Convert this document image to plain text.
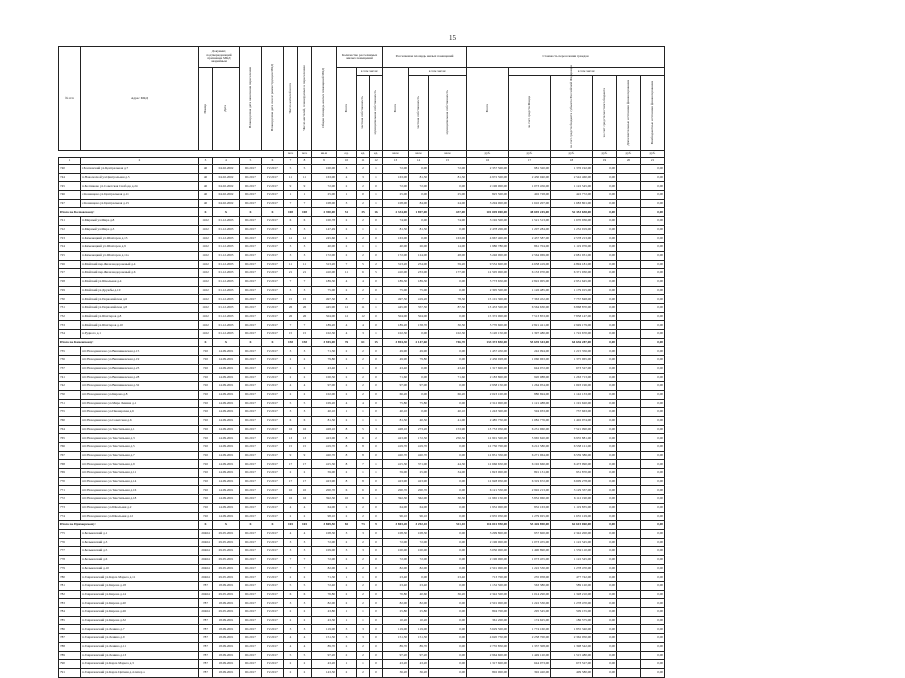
15
№ п/п	Адрес МКД	Документ, подтверждающий признание МКД аварийным		Планируемая дата окончания переселения	Планируемая дата сноса/ реконструкции МКД	Число жителей всего	Число жителей, планируемых к переселению	Общая площадь жилых помещений МКД	Количество расселяемых жилых помещений			Расселяемая площадь жилых помещений			Стоимость переселения граждан					
		Номер	Дата						Всего	в том числе:		Всего	в том числе:		Всего	в том числе:				
										частная собственность	муниципальная собственность		частная собственность	муниципальная собственность		за счет средств Фонда	за счет средств бюджета субъекта Российской Федерации	за счет средств местного бюджета	Дополнительные источники финансирования	Внебюджетные источники финансирования
						чел.	чел.	кв.м	ед.	ед.	ед.	кв.м	кв.м	кв.м	руб.	руб.	руб.	руб.	руб.	руб.
1	2	3	4	5	6	7	8	9	10	11	12	13	14	15	16	17	18	19	20	21
740	г.Болховский ул.Центральная д.7	40	04.02.2002	III.2017	IV.2017	5	5	100,00	3	2	1	72,00	0,00	72,00	2 357 500,00	981 320,00	1 376 192,00	0,00		0,00
744	п.Новолесной ул.Центральная д.5	40	04.02.2002	III.2017	IV.2017	11	11	163,00	4	3	1	163,00	81,50	81,50	4 972 500,00	2 430 040,00	2 542 460,00	0,00		0,00
745	п.Болтиково ул.Советская Свобода д.24	40	04.02.2002	III.2017	IV.2017	9	9	72,00	2	2	0	72,00	72,00	0,00	2 196 000,00	1 073 456,00	1 122 545,00	0,00		0,00
746	с.Коневцово ул.Центральная д.11	40	04.02.2002	III.2017	IV.2017	1	1	25,00	1	0	1	25,00	0,00	25,00	825 500,00	402 728,00	422 772,00	0,00		0,00
747	с.Коневцово ул.Центральная д.15	40	04.02.2002	III.2017	IV.2017	7	7	108,00	3	2	1	108,00	84,00	24,00	3 294 000,00	1 610 207,00	1 683 801,00	0,00		0,00
Итого по Болховскому:		X	X	X	X	108	108	2 390,00	51	35	16	2 334,00	1 897,00	437,00	101 049 000,00	48 695 245,00	52 353 658,00	0,00		0,00
721	п.Мирный ул.Мира д.8	1162	01.12.2003	III.2017	IV.2017	6	6	100,78	2	2	0	74,90	0,00	74,90	3 192 500,00	1 521 513,00	1 670 936,00	0,00		0,00
722	п.Мирный ул.Мира д.3	1162	01.12.2003	III.2017	IV.2017	3	3	147,49	2	1	1	81,50	81,50	0,00	2 478 206,00	1 207 284,00	1 252 919,00	0,00		0,00
723	п.Каменецкий ул.Шахтеров д.13	1162	01.12.2003	III.2017	IV.2017	12	12	245,60	2	2	0	163,00	0,00	163,00	4 967 400,00	2 437 587,00	2 578 213,00	0,00		0,00
724	п.Каменецкий ул.Шахтеров д.9	1162	01.12.2003	III.2017	IV.2017	3	3	40,00	2	1	1	40,00	26,00	14,00	1 980 780,00	861 704,00	1 119 076,00	0,00		0,00
725	п.Каменецкий ул.Шахтеров д.11а	1162	01.12.2003	III.2017	IV.2017	3	3	172,00	2	2	0	172,00	124,00	48,00	5 246 000,00	2 564 069,00	2 681 931,00	0,00		0,00
726	п.Майский пер.Железнодорожный д.4	1162	01.12.2003	III.2017	IV.2017	11	11	313,20	7	5	2	313,20	254,00	59,20	9 552 600,00	4 658 419,00	4 894 181,00	0,00		0,00
727	п.Майский пер.Железнодорожный д.6	1162	01.12.2003	III.2017	IV.2017	21	21	410,00	11	6	5	410,00	233,00	177,00	12 505 000,00	6 133 070,00	6 371 930,00	0,00		0,00
728	п.Майский ул.Школьная д.4	1162	01.12.2003	III.2017	IV.2017	7	7	189,30	4	4	0	189,30	189,30	0,00	5 773 650,00	2 822 005,00	2 951 645,00	0,00		0,00
729	п.Майский ул.Дружбы д.10	1162	01.12.2003	III.2017	IV.2017	3	3	75,00	2	2	0	75,00	75,00	0,00	2 305 500,00	1 126 485,00	1 179 015,00	0,00		0,00
730	п.Майский ул.Первомайская д.6	1162	01.12.2003	III.2017	IV.2017	15	15	497,50	8	7	1	497,50	419,20	78,30	15 101 300,00	7 363 452,00	7 737 848,00	0,00		0,00
731	п.Майский ул.Первомайская д.8	1162	01.12.2003	III.2017	IV.2017	26	26	445,90	12	11	1	445,00	357,50	87,50	13 433 500,00	6 564 630,00	6 868 870,00	0,00		0,00
732	п.Майский ул.Шахтеров д.8	1162	01.12.2003	III.2017	IV.2017	26	26	504,00	12	12	0	504,00	504,00	0,00	15 372 000,00	7 513 853,00	7 858 147,00	0,00		0,00
733	п.Майский ул.Шахтеров д.10	1162	01.12.2003	III.2017	IV.2017	7	7	189,20	4	4	0	189,20	158,70	30,50	5 770 600,00	2 821 421,00	2 949 179,00	0,00		0,00
734	п.Рудного д.1	1162	01.12.2003	III.2017	IV.2017	15	15	102,30	4	3	1	102,30	0,00	102,30	3 120 150,00	1 397 480,00	1 722 670,00	0,00		0,00
Итого по Каменскому:		X	X	X	X	158	158	3 945,00	76	61	15	3 894,30	2 147,60	746,70	133 373 850,00	55 639 343,00	64 636 287,00	0,00		0,00
735	пгт.Новоданилово ул.Вишняковская д.15	720	14.09.2001	III.2017	IV.2017	3	3	71,50	2	2	0	49,90	49,90	0,00	1 457 450,00	242 094,00	1 215 356,00	0,00		0,00
736	пгт.Новоданилово ул.Вишняковская д.19	720	14.09.2001	III.2017	IV.2017	2	2	79,80	2	2	0	49,90	79,80	0,00	2 436 928,00	1 060 963,00	1 375 965,00	0,00		0,00
737	пгт.Новоданилово ул.Вишняковская д.23	720	14.09.2001	III.2017	IV.2017	2	2	43,40	1	1	0	43,40	0,00	43,40	1 317 600,00	644 072,00	673 527,00	0,00		0,00
741	пгт.Новоданилово ул.Вишняковская д.28	720	14.09.2001	III.2017	IV.2017	2	2	100,50	2	2	0	71,60	0,00	71,60	2 183 800,00	920 088,00	1 263 713,00	0,00		0,00
742	пгт.Новоданилово ул.Вишняковская д.32	720	14.09.2001	III.2017	IV.2017	4	4	97,00	2	2	0	97,00	97,00	0,00	2 958 150,00	1 264 954,00	1 693 196,00	0,00		0,00
750	пгт.Новоданилово ул.Кирова д.8	720	14.09.2001	III.2017	IV.2017	2	2	102,00	2	2	0	66,20	0,00	66,20	2 023 100,00	880 694,00	1 142 133,00	0,00		0,00
751	пгт.Новоданилово ул.Мира Ленина д.1	720	14.09.2001	III.2017	IV.2017	5	5	109,20	4	4	0	75,80	75,80	0,00	2 312 900,00	1 121 488,00	1 191 620,00	0,00		0,00
755	пгт.Новоданилово ул.Пионерская д.6	720	14.09.2001	III.2017	IV.2017	3	3	40,10	1	1	0	40,10	0,00	40,10	1 243 300,00	594 933,00	737 663,00	0,00		0,00
760	пгт.Новоданилово ул.Советская д.6	720	14.09.2001	III.2017	IV.2017	6	6	81,50	2	1	1	81,50	40,50	41,00	2 485 750,00	1 082 776,00	1 402 974,00	0,00		0,00
764	пгт.Новоданилово ул.Текстильная д.1	720	14.09.2001	III.2017	IV.2017	16	16	428,10	8	5	3	428,10	273,20	153,90	13 753 050,00	6 231 960,00	7 521 090,00	0,00		0,00
765	пгт.Новоданилово ул.Текстильная д.3	720	14.09.2001	III.2017	IV.2017	13	13	423,00	8	6	2	423,00	172,50	250,50	12 901 500,00	5 965 620,00	6 935 881,00	0,00		0,00
766	пгт.Новоданилово ул.Текстильная д.5	720	14.09.2001	III.2017	IV.2017	15	15	419,70	8	8	0	419,70	419,70	0,00	12 750 700,00	6 212 580,00	6 538 121,00	0,00		0,00
767	пгт.Новоданилово ул.Текстильная д.7	720	14.09.2001	III.2017	IV.2017	9	9	420,70	8	8	0	420,70	420,70	0,00	12 831 350,00	6 271 964,00	6 559 386,00	0,00		0,00
768	пгт.Новоданилово ул.Текстильная д.9	720	14.09.2001	III.2017	IV.2017	17	17	415,30	8	7	1	415,30	371,00	44,30	12 666 650,00	6 192 660,00	6 473 990,00	0,00		0,00
769	пгт.Новоданилово ул.Текстильная д.11	720	14.09.2001	III.2017	IV.2017	2	2	59,00	2	1	1	59,00	25,00	34,00	1 823 000,00	891 131,00	931 870,00	0,00		0,00
770	пгт.Новоданилово ул.Текстильная д.14	720	14.09.2001	III.2017	IV.2017	17	17	423,90	8	8	0	423,90	423,90	0,00	12 928 950,00	6 319 672,00	6 609 278,00	0,00		0,00
771	пгт.Новоданилово ул.Текстильная д.16	720	14.09.2001	III.2017	IV.2017	10	10	200,70	6	6	0	200,70	200,70	0,00	6 121 550,00	2 992 213,00	3 129 337,00	0,00		0,00
772	пгт.Новоданилово ул.Текстильная д.18	720	14.09.2001	III.2017	IV.2017	16	16	392,30	10	9	1	392,30	362,00	30,30	11 965 150,00	5 852 960,00	6 112 190,00	0,00		0,00
773	пгт.Новоданилово ул.Школьная д.2	720	14.09.2001	III.2017	IV.2017	4	4	64,00	2	2	0	64,00	64,00	0,00	1 952 000,00	832 163,00	1 119 835,00	0,00		0,00
774	пгт.Новоданилово ул.Школьная д.12	720	14.09.2001	III.2017	IV.2017	2	2	98,10	2	2	0	96,10	96,10	0,00	2 935 050,00	1 279 925,00	1 655 129,00	0,00		0,00
Итого по Приморскому:		X	X	X	X	165	165	3 869,50	82	73	9	3 803,20	3 292,10	511,10	116 041 950,00	53 426 890,00	62 615 060,00	0,00		0,00
775	п.Бельковский д.1	20464	29.05.2001	III.2017	IV.2017	4	4	108,30	3	3	0	108,30	108,30	0,00	3 299 800,00	957 600,00	2 342 200,00	0,00		0,00
776	п.Бельковский д.3	20464	29.05.2001	III.2017	IV.2017	3	3	72,00	2	2	0	72,00	72,00	0,00	2 196 000,00	1 073 455,00	1 122 545,00	0,00		0,00
777	п.Бельковский д.5	20464	29.05.2001	III.2017	IV.2017	3	3	109,00	3	3	0	100,00	100,00	0,00	3 050 000,00	1 490 890,00	1 559 110,00	0,00		0,00
778	п.Бельковский д.6	20464	29.05.2001	III.2017	IV.2017	7	7	72,00	2	2	0	72,00	72,00	0,00	2 196 000,00	1 073 455,00	1 122 545,00	0,00		0,00
779	п.Бельковский д.10	20464	29.05.2001	III.2017	IV.2017	7	7	82,00	2	2	0	82,00	82,00	0,00	2 501 000,00	1 222 530,00	1 278 470,00	0,00		0,00
780	п.Гавриловский ул.Карла Маркса д.11	20464	29.05.2001	III.2017	IV.2017	2	2	71,30	1	1	0	23,40	0,00	23,40	713 700,00	235 958,00	477 742,00	0,00		0,00
781	п.Гавриловский ул.Кирова д.18	787	18.09.2001	III.2017	IV.2017	5	5	72,40	2	2	0	23,40	23,40	0,00	1 152 500,00	563 380,00	589 120,00	0,00		0,00
782	п.Гавриловский ул.Кирова д.14	20464	29.05.2001	III.2017	IV.2017	6	6	76,80	2	2	0	76,80	40,60	36,20	2 342 500,00	1 014 290,00	1 328 210,00	0,00		0,00
783	п.Гавриловский ул.Кирова д.20	787	18.09.2001	III.2017	IV.2017	3	3	82,00	2	2	0	82,00	82,00	0,00	2 501 000,00	1 222 530,00	1 278 470,00	0,00		0,00
784	п.Гавриловский ул.Кирова д.26	20464	29.05.2001	III.2017	IV.2017	2	2	43,80	1	1	0	25,80	25,80	0,00	804 700,00	295 545,00	509 155,00	0,00		0,00
785	п.Гавриловский ул.Кирова д.32	787	18.09.2001	III.2017	IV.2017	2	2	43,30	1	1	0	10,20	10,20	0,00	361 200,00	174 625,00	186 575,00	0,00		0,00
786	п.Гавриловский ул.Ленина д.7	787	18.09.2001	III.2017	IV.2017	3	3	119,00	3	3	0	119,00	119,00	0,00	3 629 500,00	1 774 160,00	1 855 340,00	0,00		0,00
787	п.Гавриловский ул.Ленина д.9	787	18.09.2001	III.2017	IV.2017	4	4	151,50	3	3	0	151,50	151,50	0,00	4 620 750,00	2 258 700,00	2 362 050,00	0,00		0,00
788	п.Гавриловский ул.Ленина д.11	787	18.09.2001	III.2017	IV.2017	4	4	89,70	2	2	0	89,70	89,70	0,00	2 735 850,00	1 337 308,00	1 398 542,00	0,00		0,00
789	п.Гавриловский ул.Ленина д.13	787	18.09.2001	III.2017	IV.2017	5	5	97,20	2	2	0	97,20	97,20	0,00	2 964 600,00	1 449 120,00	1 515 480,00	0,00		0,00
790	п.Гавриловский ул.Карла Маркса д.3	787	18.09.2001	III.2017	IV.2017	2	2	43,20	1	1	0	43,20	43,20	0,00	1 317 600,00	644 073,00	673 527,00	0,00		0,00
791	п.Гавриловский ул.Карла Цеткин д.4 литер а	787	18.09.2001	III.2017	IV.2017	2	2	143,50	2	2	0	36,20	36,20	0,00	802 000,00	392 420,00	409 580,00	0,00		0,00
